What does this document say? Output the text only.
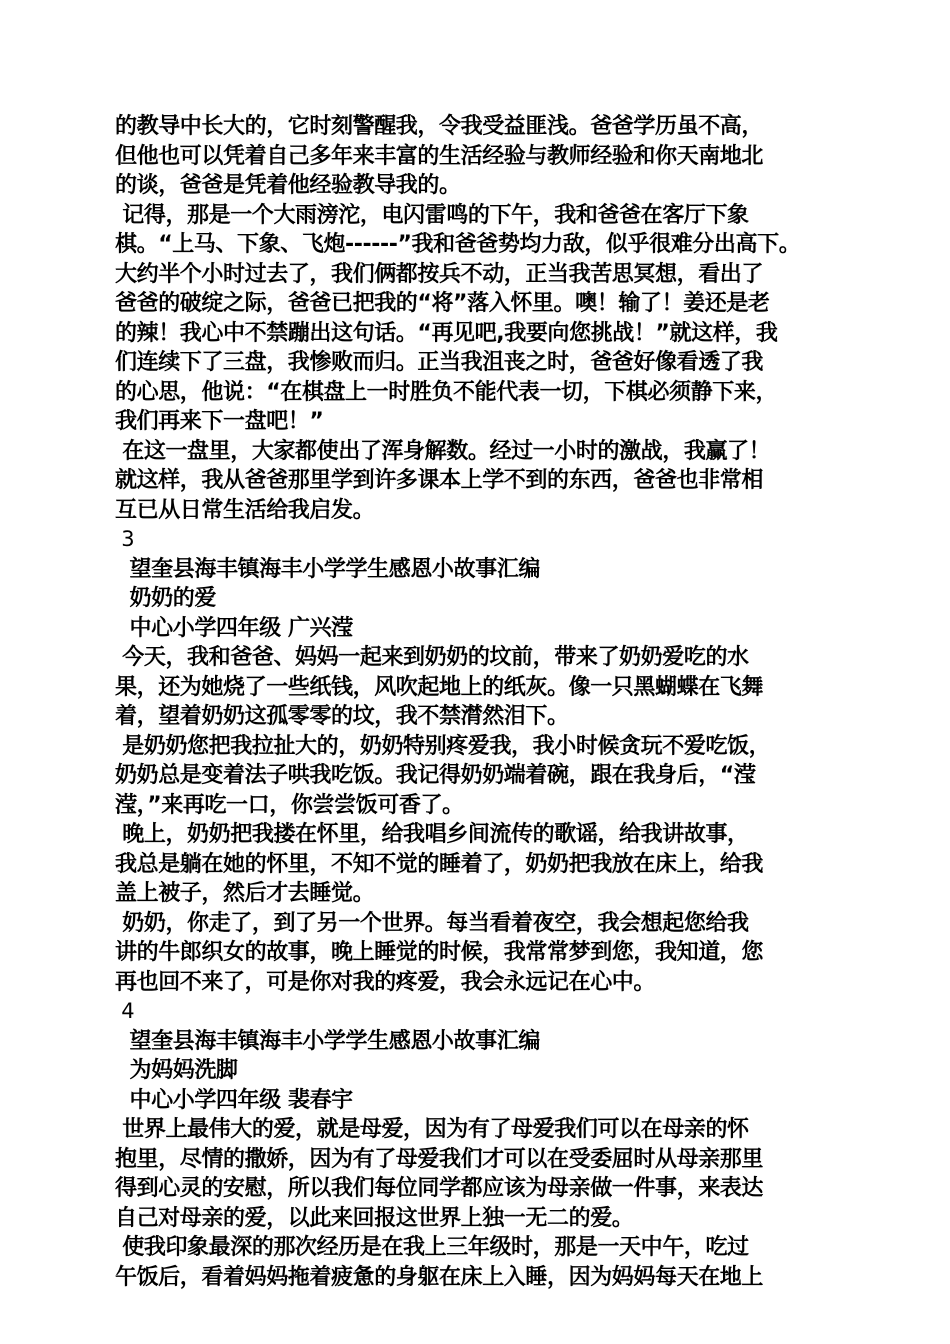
的教导中长大的，它时刻警醒我，令我受益匪浅。爸爸学历虽不高，
但他也可以凭着自己多年来丰富的生活经验与教师经验和你天南地北
的谈，爸爸是凭着他经验教导我的。
记得，那是一个大雨滂沱，电闪雷鸣的下午，我和爸爸在客厅下象
棋。“上马、下象、飞炮------”我和爸爸势均力敌，似乎很难分出高下。
大约半个小时过去了，我们俩都按兵不动，正当我苦思冥想，看出了
爸爸的破绽之际，爸爸已把我的“将”落入怀里。噢！输了！姜还是老
的辣！我心中不禁蹦出这句话。“再见吧,我要向您挑战！”就这样，我
们连续下了三盘，我惨败而归。正当我沮丧之时，爸爸好像看透了我
的心思，他说：“在棋盘上一时胜负不能代表一切，下棋必须静下来，
我们再来下一盘吧！”
在这一盘里，大家都使出了浑身解数。经过一小时的激战，我赢了！
就这样，我从爸爸那里学到许多课本上学不到的东西，爸爸也非常相
互已从日常生活给我启发。
3
望奎县海丰镇海丰小学学生感恩小故事汇编
奶奶的爱
中心小学四年级 广兴滢
今天，我和爸爸、妈妈一起来到奶奶的坟前，带来了奶奶爱吃的水
果，还为她烧了一些纸钱，风吹起地上的纸灰。像一只黑蝴蝶在飞舞
着，望着奶奶这孤零零的坟，我不禁潸然泪下。
是奶奶您把我拉扯大的，奶奶特别疼爱我，我小时候贪玩不爱吃饭，
奶奶总是变着法子哄我吃饭。我记得奶奶端着碗，跟在我身后，“滢
滢，”来再吃一口，你尝尝饭可香了。
晚上，奶奶把我搂在怀里，给我唱乡间流传的歌谣，给我讲故事，
我总是躺在她的怀里，不知不觉的睡着了，奶奶把我放在床上，给我
盖上被子，然后才去睡觉。
奶奶，你走了，到了另一个世界。每当看着夜空，我会想起您给我
讲的牛郎织女的故事，晚上睡觉的时候，我常常梦到您，我知道，您
再也回不来了，可是你对我的疼爱，我会永远记在心中。
4
望奎县海丰镇海丰小学学生感恩小故事汇编
为妈妈洗脚
中心小学四年级 裴春宇
世界上最伟大的爱，就是母爱，因为有了母爱我们可以在母亲的怀
抱里，尽情的撒娇，因为有了母爱我们才可以在受委屈时从母亲那里
得到心灵的安慰，所以我们每位同学都应该为母亲做一件事，来表达
自己对母亲的爱，以此来回报这世界上独一无二的爱。
使我印象最深的那次经历是在我上三年级时，那是一天中午，吃过
午饭后，看着妈妈拖着疲惫的身躯在床上入睡，因为妈妈每天在地上
